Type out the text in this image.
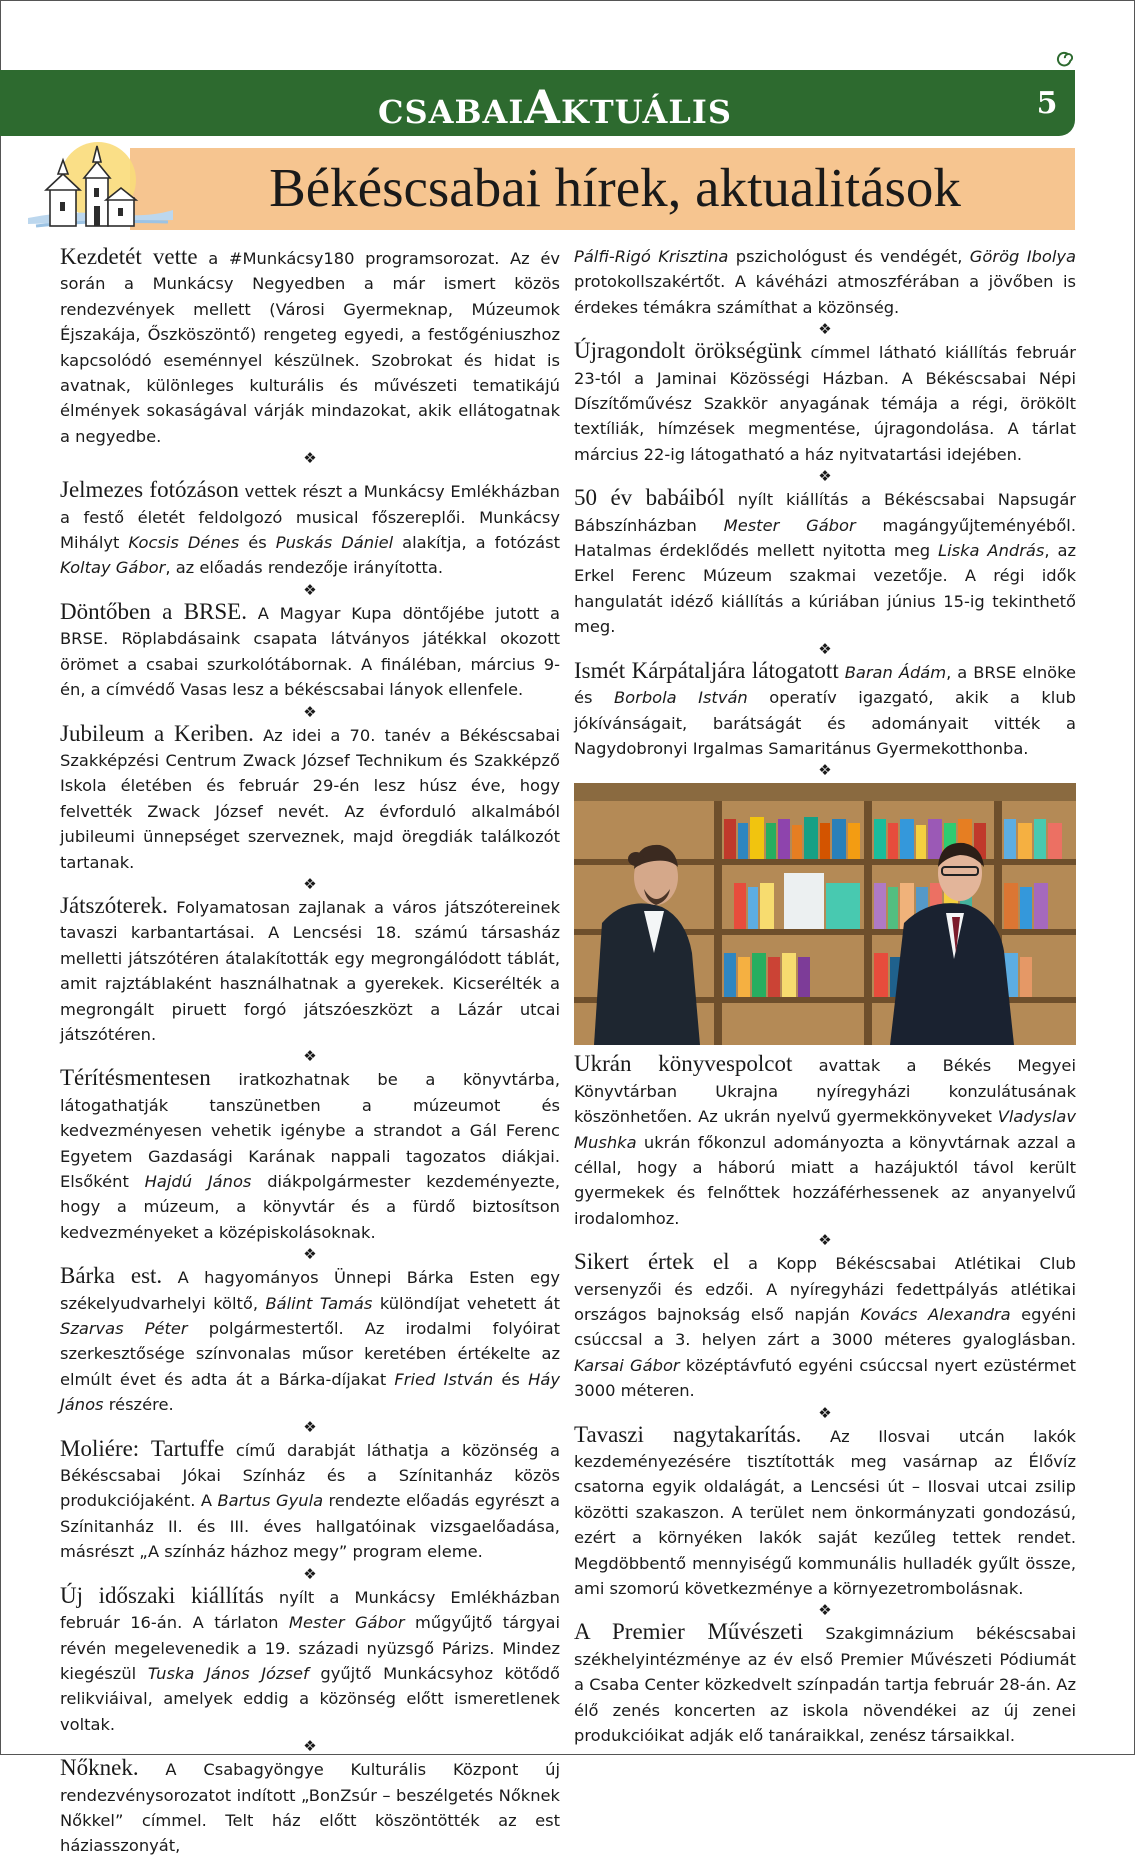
CSABAIAKTUÁLIS	5
Békéscsabai hírek, aktualitások

Kezdetét vette a #Munkácsy180 programsorozat. Az év során a Munkácsy Negyedben a már ismert közös rendezvények mellett (Városi Gyermeknap, Múzeumok Éjszakája, Őszköszöntő) rengeteg egyedi, a festőgéniuszhoz kapcsolódó eseménnyel készülnek. Szobrokat és hidat is avatnak, különleges kulturális és művészeti tematikájú élmények sokaságával várják mindazokat, akik ellátogatnak a negyedbe.

❖

Jelmezes fotózáson vettek részt a Munkácsy Emlékházban a festő életét feldolgozó musical főszereplői. Munkácsy Mihályt Kocsis Dénes és Puskás Dániel alakítja, a fotózást Koltay Gábor, az előadás rendezője irányította.

❖

Döntőben a BRSE. A Magyar Kupa döntőjébe jutott a BRSE. Röplabdásaink csapata látványos játékkal okozott örömet a csabai szurkolótábornak. A fináléban, március 9-én, a címvédő Vasas lesz a békéscsabai lányok ellenfele.

❖

Jubileum a Keriben. Az idei a 70. tanév a Békéscsabai Szakképzési Centrum Zwack József Technikum és Szakképző Iskola életében és február 29-én lesz húsz éve, hogy felvették Zwack József nevét. Az évforduló alkalmából jubileumi ünnepséget szerveznek, majd öregdiák találkozót tartanak.

❖

Játszóterek. Folyamatosan zajlanak a város játszótereinek tavaszi karbantartásai. A Lencsési 18. számú társasház melletti játszótéren átalakították egy megrongálódott táblát, amit rajztáblaként használhatnak a gyerekek. Kicserélték a megrongált piruett forgó játszóeszközt a Lázár utcai játszótéren.

❖

Térítésmentesen iratkozhatnak be a könyvtárba, látogathatják tanszünetben a múzeumot és kedvezményesen vehetik igénybe a strandot a Gál Ferenc Egyetem Gazdasági Karának nappali tagozatos diákjai. Elsőként Hajdú János diákpolgármester kezdeményezte, hogy a múzeum, a könyvtár és a fürdő biztosítson kedvezményeket a középiskolásoknak.

❖

Bárka est. A hagyományos Ünnepi Bárka Esten egy székelyudvarhelyi költő, Bálint Tamás különdíjat vehetett át Szarvas Péter polgármestertől. Az irodalmi folyóirat szerkesztősége színvonalas műsor keretében értékelte az elmúlt évet és adta át a Bárka-díjakat Fried István és Háy János részére.

❖

Moliére: Tartuffe című darabját láthatja a közönség a Békéscsabai Jókai Színház és a Színitanház közös produkciójaként. A Bartus Gyula rendezte előadás egyrészt a Színitanház II. és III. éves hallgatóinak vizsgaelőadása, másrészt „A színház házhoz megy” program eleme.

❖

Új időszaki kiállítás nyílt a Munkácsy Emlékházban február 16-án. A tárlaton Mester Gábor műgyűjtő tárgyai révén megelevenedik a 19. századi nyüzsgő Párizs. Mindez kiegészül Tuska János József gyűjtő Munkácsyhoz kötődő relikviáival, amelyek eddig a közönség előtt ismeretlenek voltak.

❖

Nőknek. A Csabagyöngye Kulturális Központ új rendezvénysorozatot indított „BonZsúr – beszélgetés Nőknek Nőkkel” címmel. Telt ház előtt köszöntötték az est háziasszonyát,

Pálfi-Rigó Krisztina pszichológust és vendégét, Görög Ibolya protokollszakértőt. A kávéházi atmoszférában a jövőben is érdekes témákra számíthat a közönség.

❖

Újragondolt örökségünk címmel látható kiállítás február 23-tól a Jaminai Közösségi Házban. A Békéscsabai Népi Díszítőművész Szakkör anyagának témája a régi, örökölt textíliák, hímzések megmentése, újragondolása. A tárlat március 22-ig látogatható a ház nyitvatartási idejében.

❖

50 év babáiból nyílt kiállítás a Békéscsabai Napsugár Bábszínházban Mester Gábor magángyűjteményéből. Hatalmas érdeklődés mellett nyitotta meg Liska András, az Erkel Ferenc Múzeum szakmai vezetője. A régi idők hangulatát idéző kiállítás a kúriában június 15-ig tekinthető meg.

❖

Ismét Kárpátaljára látogatott Baran Ádám, a BRSE elnöke és Borbola István operatív igazgató, akik a klub jókívánságait, barátságát és adományait vitték a Nagydobronyi Irgalmas Samaritánus Gyermekotthonba.

❖

Ukrán könyvespolcot avattak a Békés Megyei Könyvtárban Ukrajna nyíregyházi konzulátusának köszönhetően. Az ukrán nyelvű gyermekkönyveket Vladyslav Mushka ukrán főkonzul adományozta a könyvtárnak azzal a céllal, hogy a háború miatt a hazájuktól távol került gyermekek és felnőttek hozzáférhessenek az anyanyelvű irodalomhoz.

❖

Sikert értek el a Kopp Békéscsabai Atlétikai Club versenyzői és edzői. A nyíregyházi fedettpályás atlétikai országos bajnokság első napján Kovács Alexandra egyéni csúccsal a 3. helyen zárt a 3000 méteres gyaloglásban. Karsai Gábor középtávfutó egyéni csúccsal nyert ezüstérmet 3000 méteren.

❖

Tavaszi nagytakarítás. Az Ilosvai utcán lakók kezdeményezésére tisztították meg vasárnap az Élővíz csatorna egyik oldalágát, a Lencsési út – Ilosvai utcai zsilip közötti szakaszon. A terület nem önkormányzati gondozású, ezért a környéken lakók saját kezűleg tettek rendet. Megdöbbentő mennyiségű kommunális hulladék gyűlt össze, ami szomorú következménye a környezetrombolásnak.

❖

A Premier Művészeti Szakgimnázium békéscsabai székhelyintézménye az év első Premier Művészeti Pódiumát a Csaba Center közkedvelt színpadán tartja február 28-án. Az élő zenés koncerten az iskola növendékei az új zenei produkcióikat adják elő tanáraikkal, zenész társaikkal.
